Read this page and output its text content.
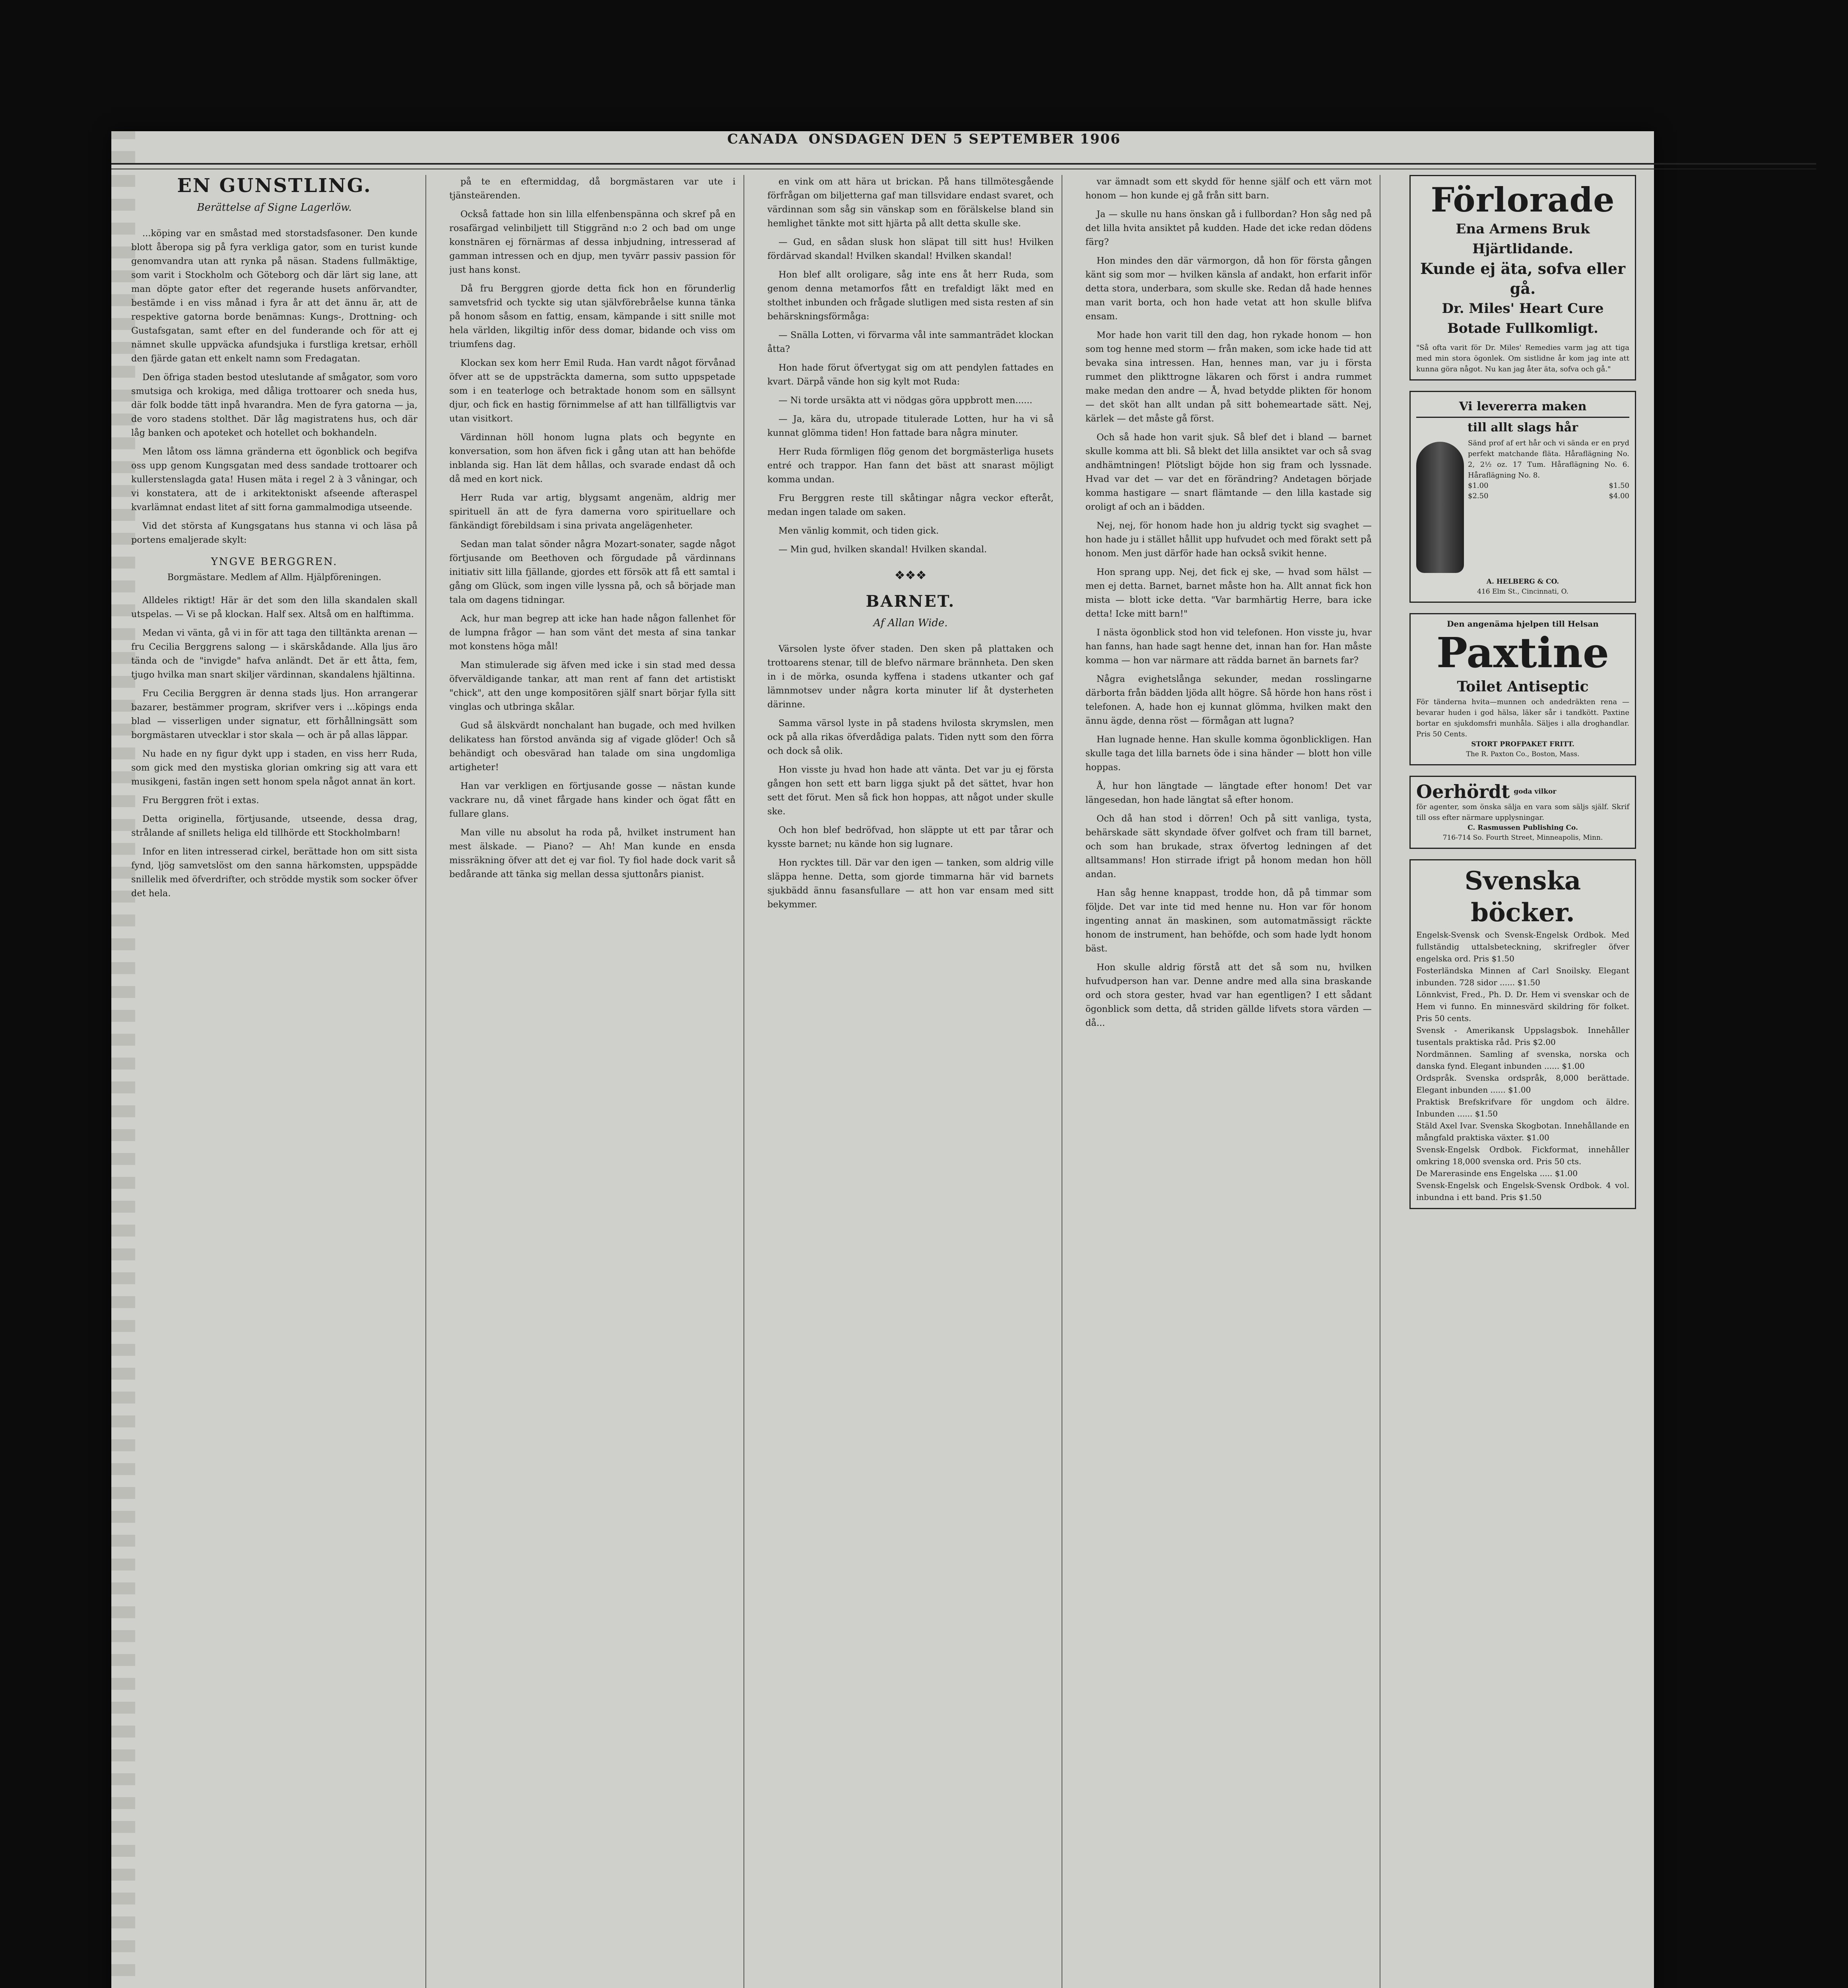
CANADA ONSDAGEN DEN 5 SEPTEMBER 1906
EN GUNSTLING.
Berättelse af Signe Lagerlöw.

...köping var en småstad med storstadsfasoner. Den kunde blott åberopa sig på fyra verkliga gator, som en turist kunde genomvandra utan att rynka på näsan. Stadens fullmäktige, som varit i Stockholm och Göteborg och där lärt sig lane, att man döpte gator efter det regerande husets anförvandter, bestämde i en viss månad i fyra år att det ännu är, att de respektive gatorna borde benämnas: Kungs-, Drottning- och Gustafsgatan, samt efter en del funderande och för att ej nämnet skulle uppväcka afundsjuka i furstliga kretsar, erhöll den fjärde gatan ett enkelt namn som Fredagatan.

Den öfriga staden bestod uteslutande af smågator, som voro smutsiga och krokiga, med dåliga trottoarer och sneda hus, där folk bodde tätt inpå hvarandra. Men de fyra gatorna — ja, de voro stadens stolthet. Där låg magistratens hus, och där låg banken och apoteket och hotellet och bokhandeln.

Men låtom oss lämna gränderna ett ögonblick och begifva oss upp genom Kungsgatan med dess sandade trottoarer och kullerstenslagda gata! Husen mäta i regel 2 à 3 våningar, och vi konstatera, att de i arkitektoniskt afseende afteraspel kvarlämnat endast litet af sitt forna gammalmodiga utseende.

Vid det största af Kungsgatans hus stanna vi och läsa på portens emaljerade skylt:

YNGVE BERGGREN.
Borgmästare. Medlem af Allm. Hjälpföreningen.

Alldeles riktigt! Här är det som den lilla skandalen skall utspelas. — Vi se på klockan. Half sex. Altså om en halftimma.

Medan vi vänta, gå vi in för att taga den tilltänkta arenan — fru Cecilia Berggrens salong — i skärskådande. Alla ljus äro tända och de "invigde" hafva anländt. Det är ett åtta, fem, tjugo hvilka man snart skiljer värdinnan, skandalens hjältinna.

Fru Cecilia Berggren är denna stads ljus. Hon arrangerar bazarer, bestämmer program, skrifver vers i ...köpings enda blad — visserligen under signatur, ett förhållningsätt som borgmästaren utvecklar i stor skala — och är på allas läppar.

Nu hade en ny figur dykt upp i staden, en viss herr Ruda, som gick med den mystiska glorian omkring sig att vara ett musikgeni, fastän ingen sett honom spela något annat än kort.

Fru Berggren fröt i extas.

Detta originella, förtjusande, utseende, dessa drag, strålande af snillets heliga eld tillhörde ett Stockholmbarn!

Infor en liten intresserad cirkel, berättade hon om sitt sista fynd, ljög samvetslöst om den sanna härkomsten, uppspädde snillelik med öfverdrifter, och strödde mystik som socker öfver det hela.

på te en eftermiddag, då borgmästaren var ute i tjänsteärenden.

Också fattade hon sin lilla elfenbenspänna och skref på en rosafärgad velinbiljett till Stiggränd n:o 2 och bad om unge konstnären ej förnärmas af dessa inbjudning, intresserad af gamman intressen och en djup, men tyvärr passiv passion för just hans konst.

Då fru Berggren gjorde detta fick hon en förunderlig samvetsfrid och tyckte sig utan självförebråelse kunna tänka på honom såsom en fattig, ensam, kämpande i sitt snille mot hela världen, likgiltig inför dess domar, bidande och viss om triumfens dag.

Klockan sex kom herr Emil Ruda. Han vardt något förvånad öfver att se de uppsträckta damerna, som sutto uppspetade som i en teaterloge och betraktade honom som en sällsynt djur, och fick en hastig förnimmelse af att han tillfälligtvis var utan visitkort.

Värdinnan höll honom lugna plats och begynte en konversation, som hon äfven fick i gång utan att han behöfde inblanda sig. Han lät dem hållas, och svarade endast då och då med en kort nick.

Herr Ruda var artig, blygsamt angenäm, aldrig mer spirituell än att de fyra damerna voro spirituellare och fänkändigt förebildsam i sina privata angelägenheter.

Sedan man talat sönder några Mozart-sonater, sagde något förtjusande om Beethoven och förgudade på värdinnans initiativ sitt lilla fjällande, gjordes ett försök att få ett samtal i gång om Glück, som ingen ville lyssna på, och så började man tala om dagens tidningar.

Ack, hur man begrep att icke han hade någon fallenhet för de lumpna frågor — han som vänt det mesta af sina tankar mot konstens höga mål!

Man stimulerade sig äfven med icke i sin stad med dessa öfverväldigande tankar, att man rent af fann det artistiskt "chick", att den unge kompositören själf snart börjar fylla sitt vinglas och utbringa skålar.

Gud så älskvärdt nonchalant han bugade, och med hvilken delikatess han förstod använda sig af vigade glöder! Och så behändigt och obesvärad han talade om sina ungdomliga artigheter!

Han var verkligen en förtjusande gosse — nästan kunde vackrare nu, då vinet fårgade hans kinder och ögat fått en fullare glans.

Man ville nu absolut ha roda på, hvilket instrument han mest älskade. — Piano? — Ah! Man kunde en ensda missräkning öfver att det ej var fiol. Ty fiol hade dock varit så bedårande att tänka sig mellan dessa sjuttonårs pianist.

en vink om att hära ut brickan. På hans tillmötesgående förfrågan om biljetterna gaf man tillsvidare endast svaret, och värdinnan som såg sin vänskap som en förälskelse bland sin hemlighet tänkte mot sitt hjärta på allt detta skulle ske.

— Gud, en sådan slusk hon släpat till sitt hus! Hvilken fördärvad skandal! Hvilken skandal! Hvilken skandal!

Hon blef allt oroligare, såg inte ens åt herr Ruda, som genom denna metamorfos fått en trefaldigt läkt med en stolthet inbunden och frågade slutligen med sista resten af sin behärskningsförmåga:

— Snälla Lotten, vi förvarma vål inte sammanträdet klockan åtta?

Hon hade förut öfvertygat sig om att pendylen fattades en kvart. Därpå vände hon sig kylt mot Ruda:

— Ni torde ursäkta att vi nödgas göra uppbrott men......

— Ja, kära du, utropade titulerade Lotten, hur ha vi så kunnat glömma tiden! Hon fattade bara några minuter.

Herr Ruda förmligen flög genom det borgmästerliga husets entré och trappor. Han fann det bäst att snarast möjligt komma undan.

Fru Berggren reste till skåtingar några veckor efteråt, medan ingen talade om saken.

Men vänlig kommit, och tiden gick.

— Min gud, hvilken skandal! Hvilken skandal.

❖❖❖
BARNET.
Af Allan Wide.

Värsolen lyste öfver staden. Den sken på plattaken och trottoarens stenar, till de blefvo närmare brännheta. Den sken in i de mörka, osunda kyffena i stadens utkanter och gaf lämnmotsev under några korta minuter lif åt dysterheten därinne.

Samma värsol lyste in på stadens hvilosta skrymslen, men ock på alla rikas öfverdådiga palats. Tiden nytt som den förra och dock så olik.

Hon visste ju hvad hon hade att vänta. Det var ju ej första gången hon sett ett barn ligga sjukt på det sättet, hvar hon sett det förut. Men så fick hon hoppas, att något under skulle ske.

Och hon blef bedröfvad, hon släppte ut ett par tårar och kysste barnet; nu kände hon sig lugnare.

Hon rycktes till. Där var den igen — tanken, som aldrig ville släppa henne. Detta, som gjorde timmarna här vid barnets sjukbädd ännu fasansfullare — att hon var ensam med sitt bekymmer.

var ämnadt som ett skydd för henne själf och ett värn mot honom — hon kunde ej gå från sitt barn.

Ja — skulle nu hans önskan gå i fullbordan? Hon såg ned på det lilla hvita ansiktet på kudden. Hade det icke redan dödens färg?

Hon mindes den där värmorgon, då hon för första gången känt sig som mor — hvilken känsla af andakt, hon erfarit inför detta stora, underbara, som skulle ske. Redan då hade hennes man varit borta, och hon hade vetat att hon skulle blifva ensam.

Mor hade hon varit till den dag, hon rykade honom — hon som tog henne med storm — från maken, som icke hade tid att bevaka sina intressen. Han, hennes man, var ju i första rummet den plikttrogne läkaren och först i andra rummet make medan den andre — Å, hvad betydde plikten för honom — det sköt han allt undan på sitt bohemeartade sätt. Nej, kärlek — det måste gå först.

Och så hade hon varit sjuk. Så blef det i bland — barnet skulle komma att bli. Så blekt det lilla ansiktet var och så svag andhämtningen! Plötsligt böjde hon sig fram och lyssnade. Hvad var det — var det en förändring? Andetagen började komma hastigare — snart flämtande — den lilla kastade sig oroligt af och an i bädden.

Nej, nej, för honom hade hon ju aldrig tyckt sig svaghet — hon hade ju i stället hållit upp hufvudet och med förakt sett på honom. Men just därför hade han också svikit henne.

Hon sprang upp. Nej, det fick ej ske, — hvad som hälst — men ej detta. Barnet, barnet måste hon ha. Allt annat fick hon mista — blott icke detta. "Var barmhärtig Herre, bara icke detta! Icke mitt barn!"

I nästa ögonblick stod hon vid telefonen. Hon visste ju, hvar han fanns, han hade sagt henne det, innan han for. Han måste komma — hon var närmare att rädda barnet än barnets far?

Några evighetslånga sekunder, medan rosslingarne därborta från bädden ljöda allt högre. Så hörde hon hans röst i telefonen. A, hade hon ej kunnat glömma, hvilken makt den ännu ägde, denna röst — förmågan att lugna?

Han lugnade henne. Han skulle komma ögonblickligen. Han skulle taga det lilla barnets öde i sina händer — blott hon ville hoppas.

Å, hur hon längtade — längtade efter honom! Det var längesedan, hon hade längtat så efter honom.

Och då han stod i dörren! Och på sitt vanliga, tysta, behärskade sätt skyndade öfver golfvet och fram till barnet, och som han brukade, strax öfvertog ledningen af det alltsammans! Hon stirrade ifrigt på honom medan hon höll andan.

Han såg henne knappast, trodde hon, då på timmar som följde. Det var inte tid med henne nu. Hon var för honom ingenting annat än maskinen, som automatmässigt räckte honom de instrument, han behöfde, och som hade lydt honom bäst.

Hon skulle aldrig förstå att det så som nu, hvilken hufvudperson han var. Denne andre med alla sina braskande ord och stora gester, hvad var han egentligen? I ett sådant ögonblick som detta, då striden gällde lifvets stora värden — då...

Förlorade
Ena Armens Bruk
Hjärtlidande.
Kunde ej äta, sofva eller gå.
Dr. Miles' Heart Cure
Botade Fullkomligt.
"Så ofta varit för Dr. Miles' Remedies varm jag att tiga med min stora ögonlek. Om sistlidne år kom jag inte att kunna göra något. Nu kan jag åter äta, sofva och gå."
Vi levererra maken
till allt slags hår
Sänd prof af ert hår och vi sända er en pryd perfekt matchande fläta. Håraflägning No. 2, 2½ oz. 17 Tum. Håraflägning No. 6. Håraflägning No. 8.
$1.00	$1.50
$2.50	$4.00
A. HELBERG & CO.
416 Elm St., Cincinnati, O.
Den angenäma hjelpen till Helsan
Paxtine
Toilet Antiseptic
För tänderna hvita—munnen och andedräkten rena — bevarar huden i god hälsa, läker sår i tandkött. Paxtine bortar en sjukdomsfri munhåla. Säljes i alla droghandlar. Pris 50 Cents.
STORT PROFPAKET FRITT.
The R. Paxton Co., Boston, Mass.
Oerhördt goda vilkor
för agenter, som önska sälja en vara som säljs själf. Skrif till oss efter närmare upplysningar.
C. Rasmussen Publishing Co.
716-714 So. Fourth Street, Minneapolis, Minn.
Svenska böcker.
Engelsk-Svensk och Svensk-Engelsk Ordbok. Med fullständig uttalsbeteckning, skrifregler öfver engelska ord. Pris $1.50
Fosterländska Minnen af Carl Snoilsky. Elegant inbunden. 728 sidor ...... $1.50
Lönnkvist, Fred., Ph. D. Dr. Hem vi svenskar och de Hem vi funno. En minnesvärd skildring för folket. Pris 50 cents.
Svensk - Amerikansk Uppslagsbok. Innehåller tusentals praktiska råd. Pris $2.00
Nordmännen. Samling af svenska, norska och danska fynd. Elegant inbunden ...... $1.00
Ordspråk. Svenska ordspråk, 8,000 berättade. Elegant inbunden ...... $1.00
Praktisk Brefskrifvare för ungdom och äldre. Inbunden ...... $1.50
Stäld Axel Ivar. Svenska Skogbotan. Innehållande en mångfald praktiska växter. $1.00
Svensk-Engelsk Ordbok. Fickformat, innehåller omkring 18,000 svenska ord. Pris 50 cts.
De Marerasinde ens Engelska ..... $1.00
Svensk-Engelsk och Engelsk-Svensk Ordbok. 4 vol. inbundna i ett band. Pris $1.50
